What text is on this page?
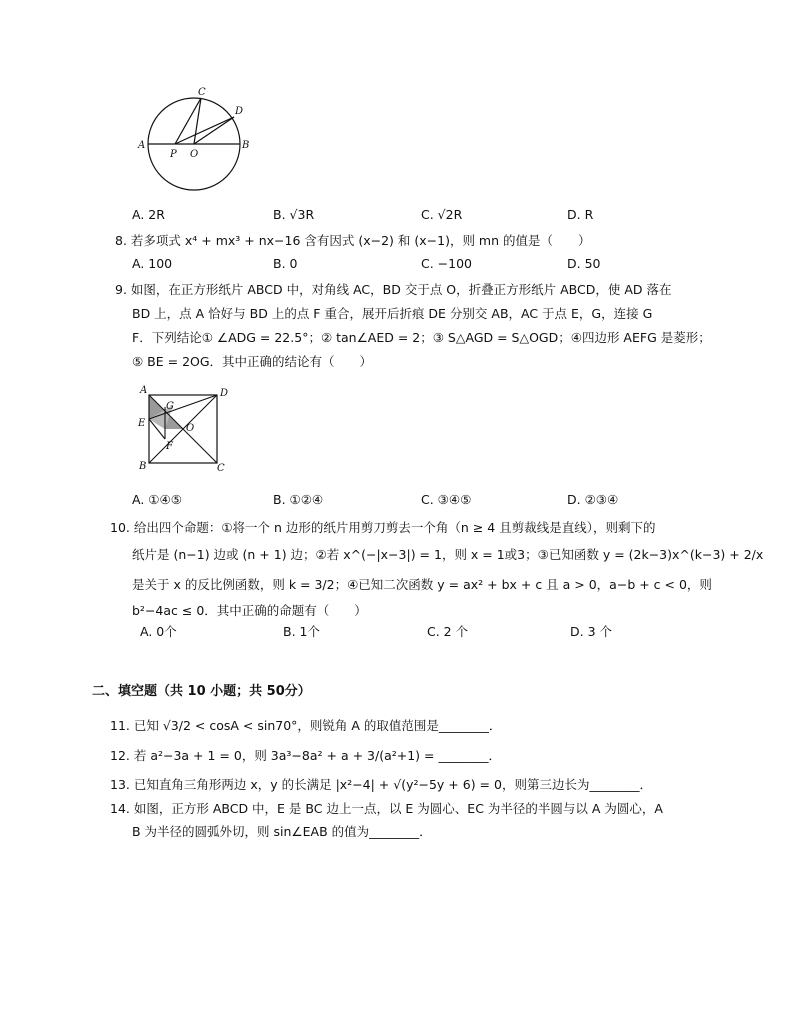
C
D
A
P O
B
A. 2R	B. √3R	C. √2R	D. R
8. 若多项式 x⁴ + mx³ + nx−16 含有因式 (x−2) 和 (x−1)，则 mn 的值是（　　）
A. 100	B. 0	C. −100	D. 50
9. 如图，在正方形纸片 ABCD 中，对角线 AC，BD 交于点 O，折叠正方形纸片 ABCD，使 AD 落在
BD 上，点 A 恰好与 BD 上的点 F 重合，展开后折痕 DE 分别交 AB，AC 于点 E，G，连接 G
F．下列结论① ∠ADG = 22.5°；② tan∠AED = 2；③ S△AGD = S△OGD；④四边形 AEFG 是菱形；
⑤ BE = 2OG．其中正确的结论有（　　）
A	D
G
E	O
F
B	C
A. ①④⑤	B. ①②④	C. ③④⑤	D. ②③④
10. 给出四个命题：①将一个 n 边形的纸片用剪刀剪去一个角（n ≥ 4 且剪裁线是直线），则剩下的
纸片是 (n−1) 边或 (n + 1) 边；②若 x^(−|x−3|) = 1，则 x = 1或3；③已知函数 y = (2k−3)x^(k−3) + 2/x
是关于 x 的反比例函数，则 k = 3/2；④已知二次函数 y = ax² + bx + c 且 a > 0，a−b + c < 0，则
b²−4ac ≤ 0．其中正确的命题有（　　）
A. 0个	B. 1个	C. 2 个	D. 3 个
二、填空题（共 10 小题；共 50分）
11. 已知 √3/2 < cosA < sin70°，则锐角 A 的取值范围是________．
12. 若 a²−3a + 1 = 0，则 3a³−8a² + a + 3/(a²+1) = ________．
13. 已知直角三角形两边 x，y 的长满足 |x²−4| + √(y²−5y + 6) = 0，则第三边长为________．
14. 如图，正方形 ABCD 中，E 是 BC 边上一点，以 E 为圆心、EC 为半径的半圆与以 A 为圆心，A
B 为半径的圆弧外切，则 sin∠EAB 的值为________．
